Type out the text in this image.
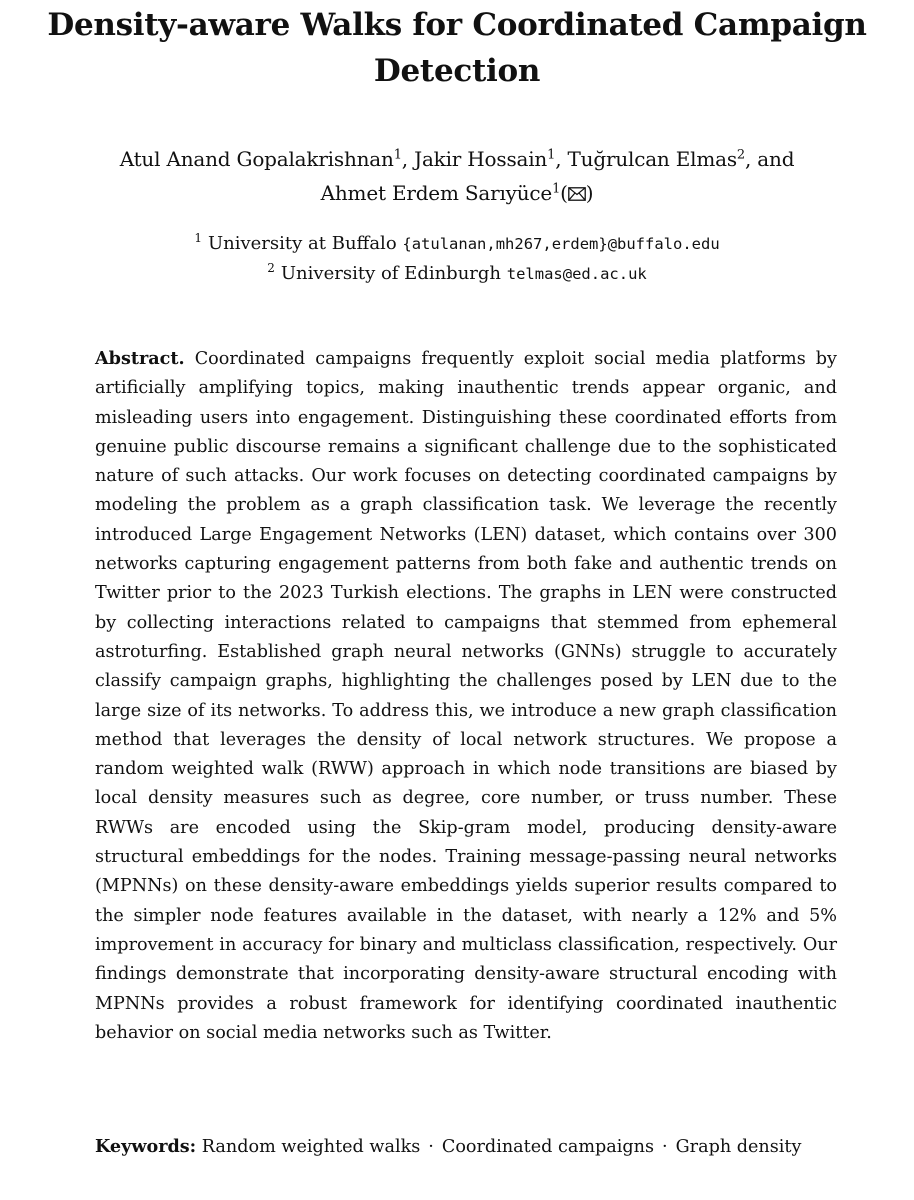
Density-aware Walks for Coordinated Campaign Detection
Atul Anand Gopalakrishnan$^1$, Jakir Hossain$^1$, Tuğrulcan Elmas$^2$, and
Ahmet Erdem Sarıyüce$^1$( )
$^1$ University at Buffalo {atulanan,mh267,erdem}@buffalo.edu
$^2$ University of Edinburgh telmas@ed.ac.uk

Abstract. Coordinated campaigns frequently exploit social media platforms by artificially amplifying topics, making inauthentic trends appear organic, and misleading users into engagement. Distinguishing these coordinated efforts from genuine public discourse remains a significant challenge due to the sophisticated nature of such attacks. Our work focuses on detecting coordinated campaigns by modeling the problem as a graph classification task. We leverage the recently introduced Large Engagement Networks (LEN) dataset, which contains over 300 networks capturing engagement patterns from both fake and authentic trends on Twitter prior to the 2023 Turkish elections. The graphs in LEN were constructed by collecting interactions related to campaigns that stemmed from ephemeral astroturfing. Established graph neural networks (GNNs) struggle to accurately classify campaign graphs, highlighting the challenges posed by LEN due to the large size of its networks. To address this, we introduce a new graph classification method that leverages the density of local network structures. We propose a random weighted walk (RWW) approach in which node transitions are biased by local density measures such as degree, core number, or truss number. These RWWs are encoded using the Skip-gram model, producing density-aware structural embeddings for the nodes. Training message-passing neural networks (MPNNs) on these density-aware embeddings yields superior results compared to the simpler node features available in the dataset, with nearly a 12% and 5% improvement in accuracy for binary and multiclass classification, respectively. Our findings demonstrate that incorporating density-aware structural encoding with MPNNs provides a robust framework for identifying coordinated inauthentic behavior on social media networks such as Twitter.

Keywords: Random weighted walks · Coordinated campaigns · Graph density
